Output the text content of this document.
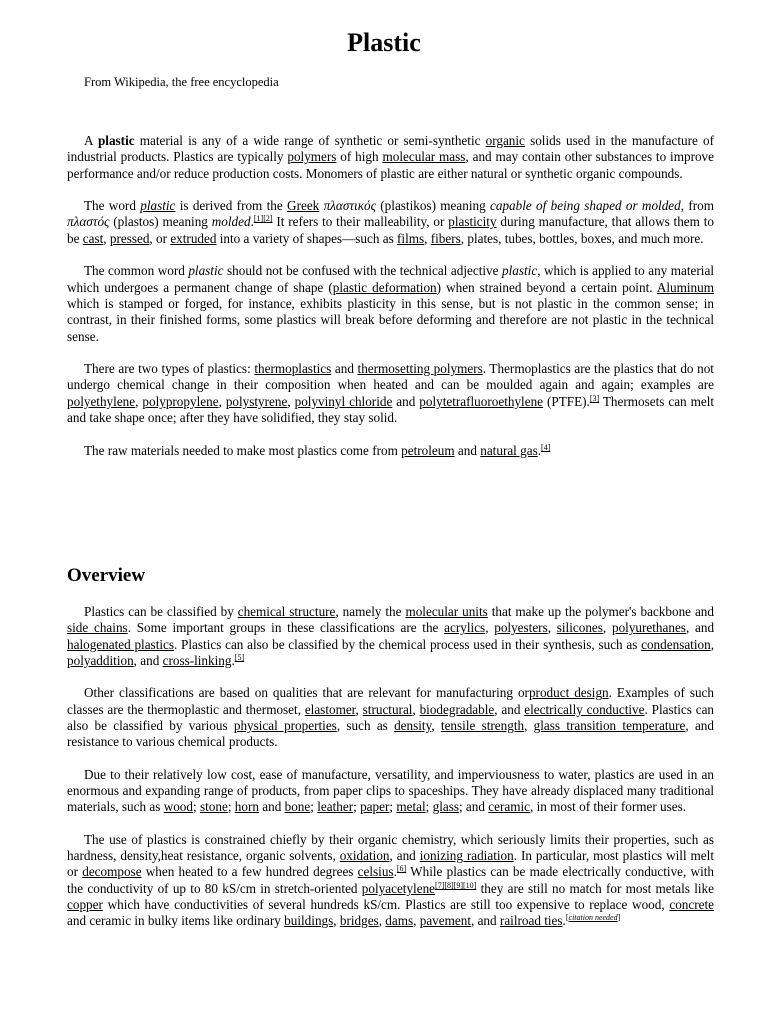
Plastic
From Wikipedia, the free encyclopedia

A plastic material is any of a wide range of synthetic or semi-synthetic organic solids used in the manufacture of industrial products. Plastics are typically polymers of high molecular mass, and may contain other substances to improve performance and/or reduce production costs. Monomers of plastic are either natural or synthetic organic compounds.

The word plastic is derived from the Greek πλαστικός (plastikos) meaning capable of being shaped or molded, from πλαστός (plastos) meaning molded.[1][2] It refers to their malleability, or plasticity during manufacture, that allows them to be cast, pressed, or extruded into a variety of shapes—such as films, fibers, plates, tubes, bottles, boxes, and much more.

The common word plastic should not be confused with the technical adjective plastic, which is applied to any material which undergoes a permanent change of shape (plastic deformation) when strained beyond a certain point. Aluminum which is stamped or forged, for instance, exhibits plasticity in this sense, but is not plastic in the common sense; in contrast, in their finished forms, some plastics will break before deforming and therefore are not plastic in the technical sense.

There are two types of plastics: thermoplastics and thermosetting polymers. Thermoplastics are the plastics that do not undergo chemical change in their composition when heated and can be moulded again and again; examples are polyethylene, polypropylene, polystyrene, polyvinyl chloride and polytetrafluoroethylene (PTFE).[3] Thermosets can melt and take shape once; after they have solidified, they stay solid.

The raw materials needed to make most plastics come from petroleum and natural gas.[4]

Overview

Plastics can be classified by chemical structure, namely the molecular units that make up the polymer's backbone and side chains. Some important groups in these classifications are the acrylics, polyesters, silicones, polyurethanes, and halogenated plastics. Plastics can also be classified by the chemical process used in their synthesis, such as condensation, polyaddition, and cross-linking.[5]

Other classifications are based on qualities that are relevant for manufacturing orproduct design. Examples of such classes are the thermoplastic and thermoset, elastomer, structural, biodegradable, and electrically conductive. Plastics can also be classified by various physical properties, such as density, tensile strength, glass transition temperature, and resistance to various chemical products.

Due to their relatively low cost, ease of manufacture, versatility, and imperviousness to water, plastics are used in an enormous and expanding range of products, from paper clips to spaceships. They have already displaced many traditional materials, such as wood; stone; horn and bone; leather; paper; metal; glass; and ceramic, in most of their former uses.

The use of plastics is constrained chiefly by their organic chemistry, which seriously limits their properties, such as hardness, density,heat resistance, organic solvents, oxidation, and ionizing radiation. In particular, most plastics will melt or decompose when heated to a few hundred degrees celsius.[6] While plastics can be made electrically conductive, with the conductivity of up to 80 kS/cm in stretch-oriented polyacetylene[7][8][9][10] they are still no match for most metals like copper which have conductivities of several hundreds kS/cm. Plastics are still too expensive to replace wood, concrete and ceramic in bulky items like ordinary buildings, bridges, dams, pavement, and railroad ties.[citation needed]
